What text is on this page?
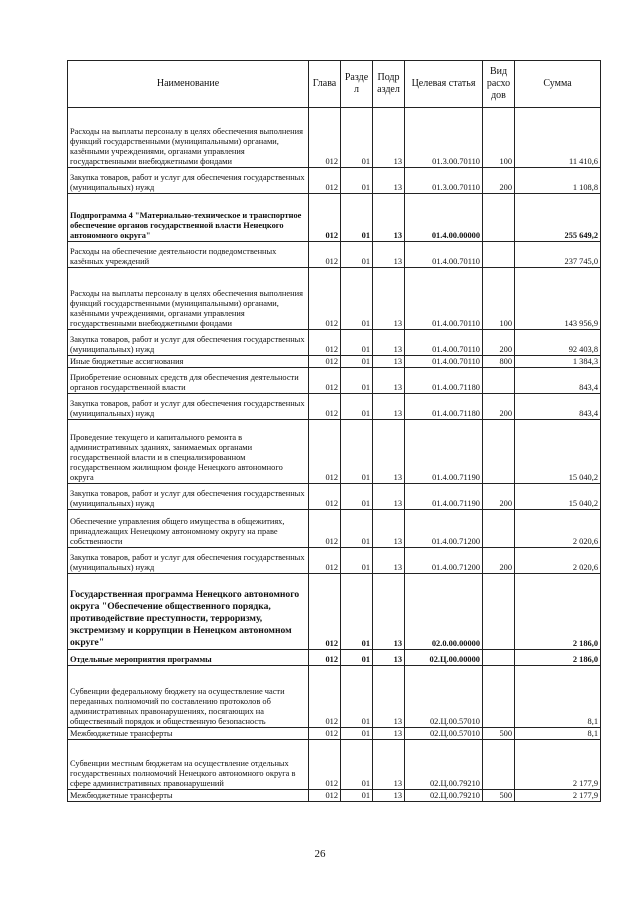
Наименование	Глава	Разде л	Подр аздел	Целевая статья	Вид расхо дов	Сумма
Расходы на выплаты персоналу в целях обеспечения выполнения функций государственными (муниципальными) органами, казёнными учреждениями, органами управления государственными внебюджетными фондами	012	01	13	01.3.00.70110	100	11 410,6
Закупка товаров, работ и услуг для обеспечения государственных (муниципальных) нужд	012	01	13	01.3.00.70110	200	1 108,8
Подпрограмма 4 "Материально-техническое и транспортное обеспечение органов государственной власти Ненецкого автономного округа"	012	01	13	01.4.00.00000		255 649,2
Расходы на обеспечение деятельности подведомственных казённых учреждений	012	01	13	01.4.00.70110		237 745,0
Расходы на выплаты персоналу в целях обеспечения выполнения функций государственными (муниципальными) органами, казёнными учреждениями, органами управления государственными внебюджетными фондами	012	01	13	01.4.00.70110	100	143 956,9
Закупка товаров, работ и услуг для обеспечения государственных (муниципальных) нужд	012	01	13	01.4.00.70110	200	92 403,8
Иные бюджетные ассигнования	012	01	13	01.4.00.70110	800	1 384,3
Приобретение основных средств для обеспечения деятельности органов государственной власти	012	01	13	01.4.00.71180		843,4
Закупка товаров, работ и услуг для обеспечения государственных (муниципальных) нужд	012	01	13	01.4.00.71180	200	843,4
Проведение текущего и капитального ремонта в административных зданиях, занимаемых органами государственной власти и в специализированном государственном жилищном фонде Ненецкого автономного округа	012	01	13	01.4.00.71190		15 040,2
Закупка товаров, работ и услуг для обеспечения государственных (муниципальных) нужд	012	01	13	01.4.00.71190	200	15 040,2
Обеспечение управления общего имущества в общежитиях, принадлежащих Ненецкому автономному округу на праве собственности	012	01	13	01.4.00.71200		2 020,6
Закупка товаров, работ и услуг для обеспечения государственных (муниципальных) нужд	012	01	13	01.4.00.71200	200	2 020,6
Государственная программа Ненецкого автономного округа "Обеспечение общественного порядка, противодействие преступности, терроризму, экстремизму и коррупции в Ненецком автономном округе"	012	01	13	02.0.00.00000		2 186,0
Отдельные мероприятия программы	012	01	13	02.Ц.00.00000		2 186,0
Субвенции федеральному бюджету на осуществление части переданных полномочий по составлению протоколов об административных правонарушениях, посягающих на общественный порядок и общественную безопасность	012	01	13	02.Ц.00.57010		8,1
Межбюджетные трансферты	012	01	13	02.Ц.00.57010	500	8,1
Субвенции местным бюджетам на осуществление отдельных государственных полномочий Ненецкого автономного округа в сфере административных правонарушений	012	01	13	02.Ц.00.79210		2 177,9
Межбюджетные трансферты	012	01	13	02.Ц.00.79210	500	2 177,9
26
